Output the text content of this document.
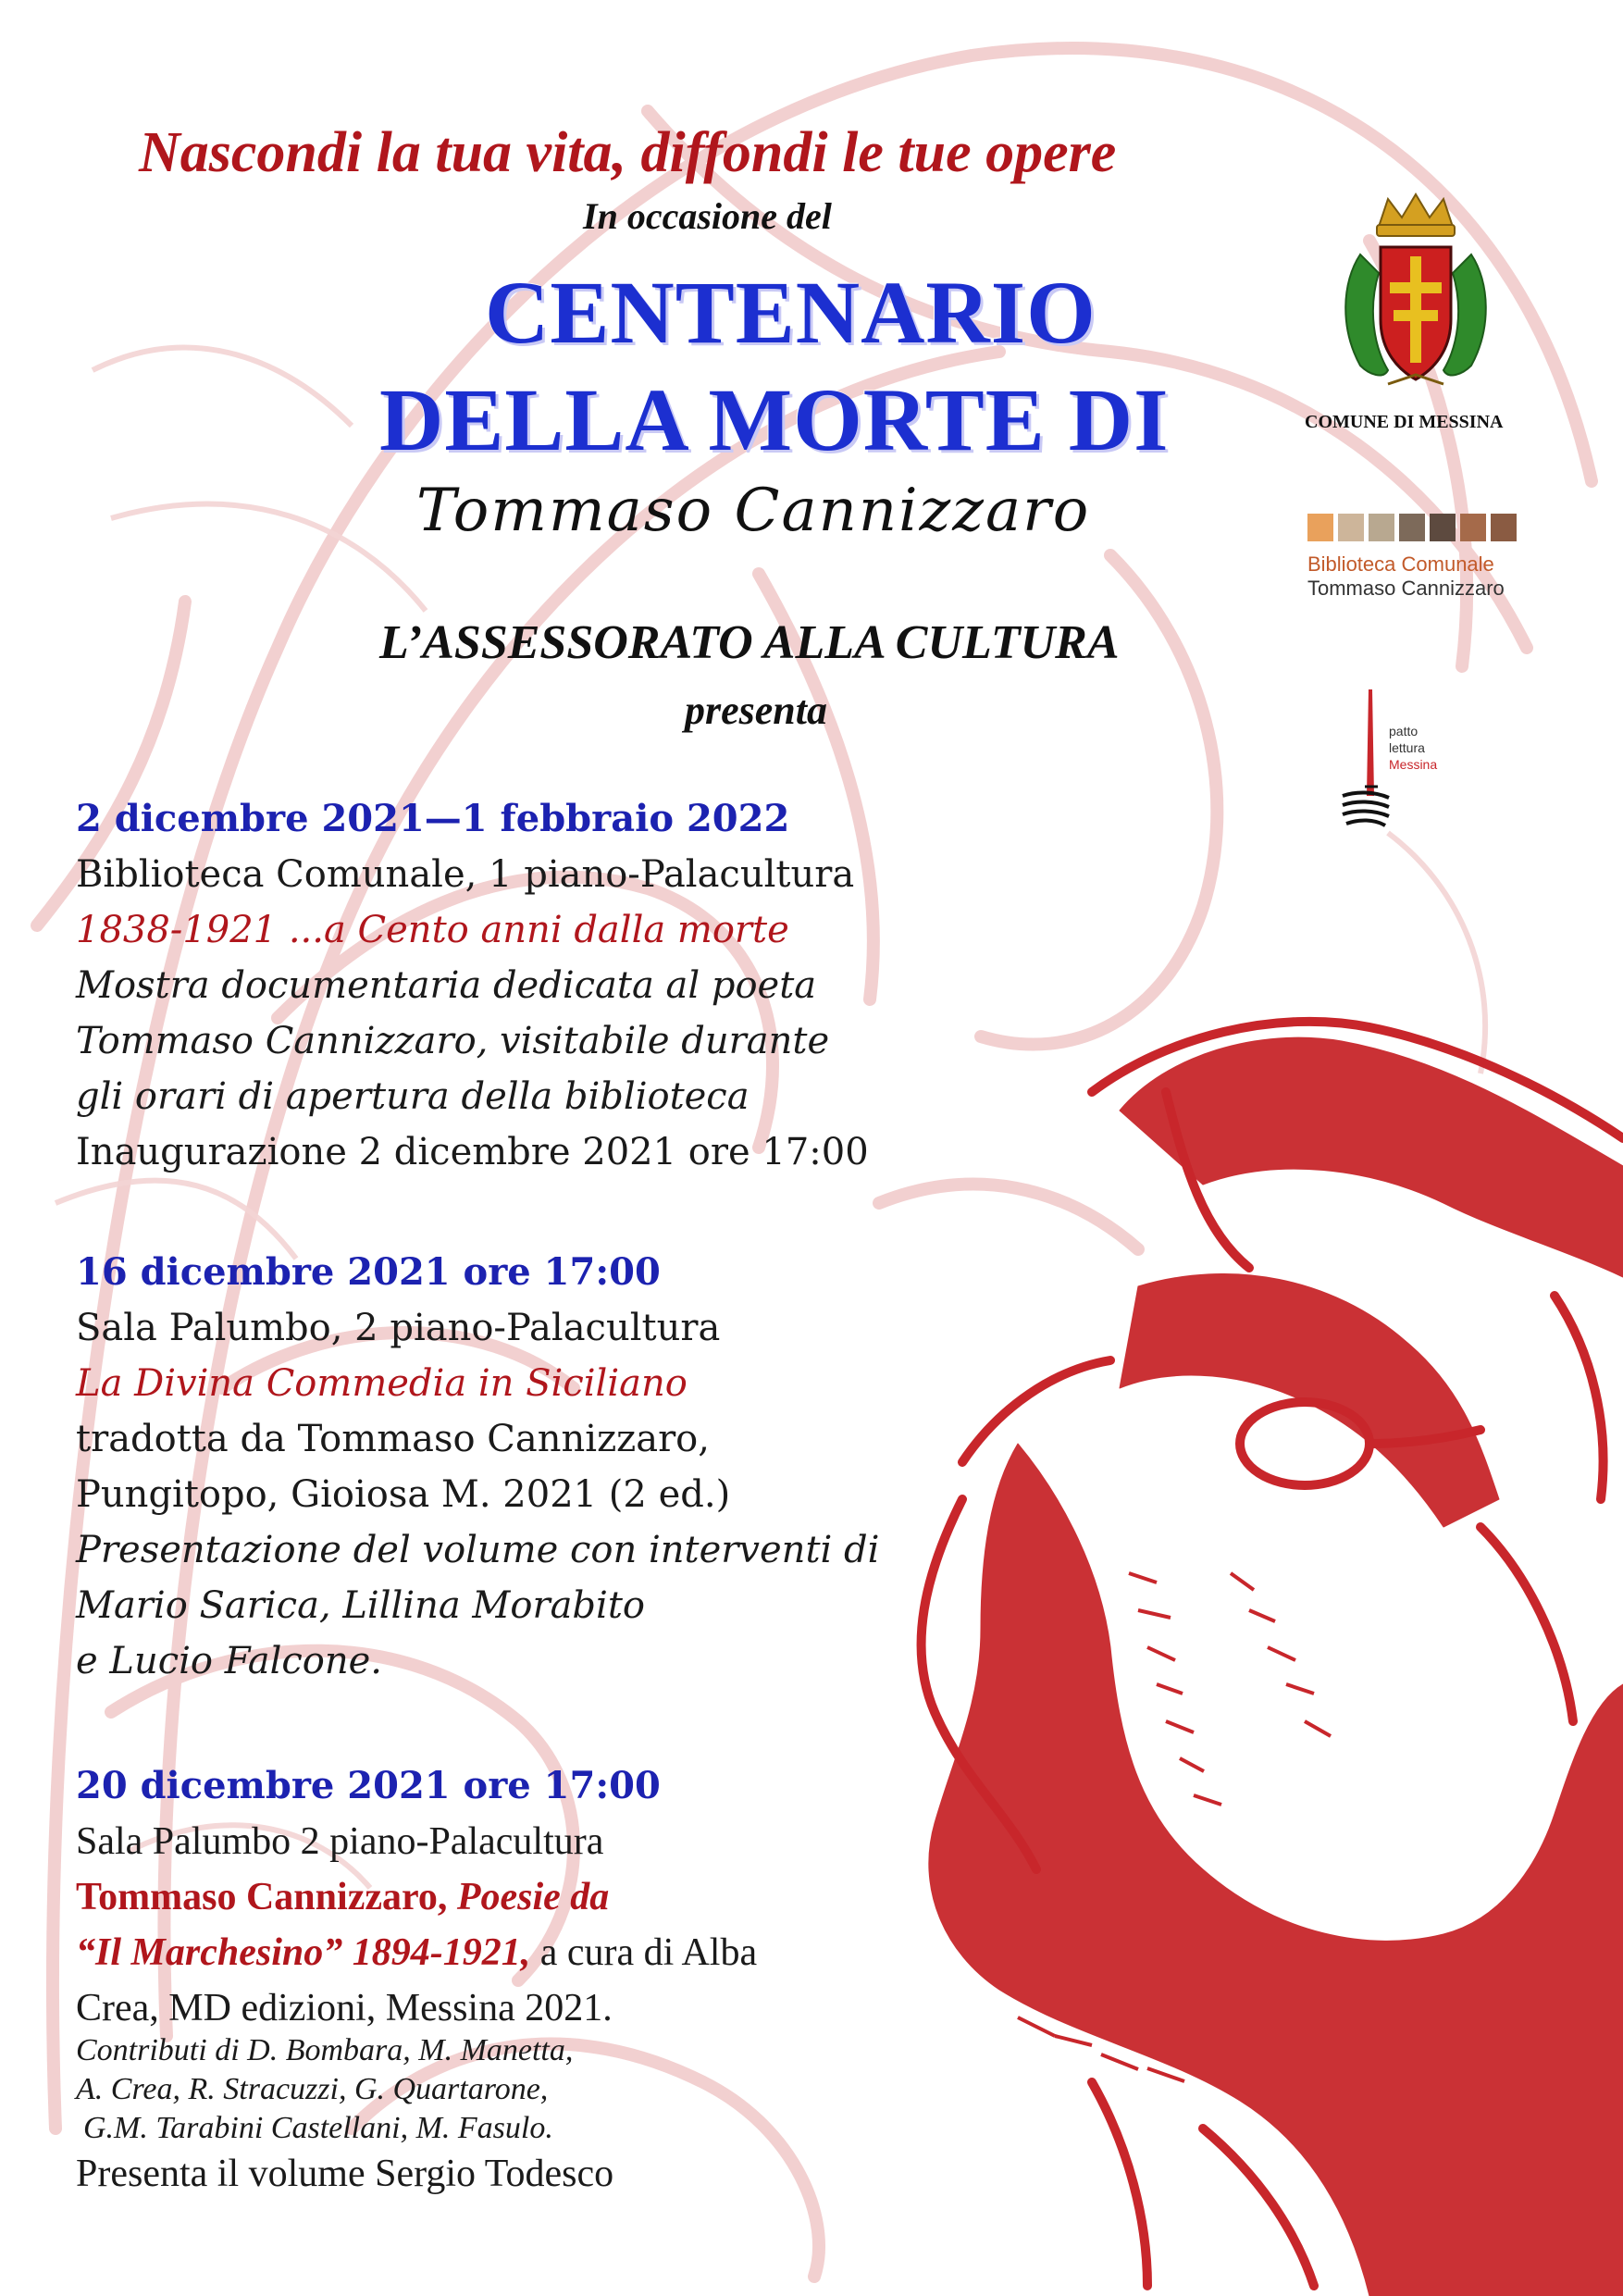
Nascondi la tua vita, diffondi le tue opere
In occasione del
CENTENARIO
DELLA MORTE DI
Tommaso Cannizzaro
L’ASSESSORATO ALLA CULTURA
presenta
COMUNE DI MESSINA
Biblioteca Comunale
Tommaso Cannizzaro
patto
lettura
Messina
2 dicembre 2021—1 febbraio 2022
Biblioteca Comunale, 1 piano-Palacultura
1838-1921 ...a Cento anni dalla morte
Mostra documentaria dedicata al poeta
Tommaso Cannizzaro, visitabile durante
gli orari di apertura della biblioteca
Inaugurazione 2 dicembre 2021 ore 17:00
16 dicembre 2021 ore 17:00
Sala Palumbo, 2 piano-Palacultura
La Divina Commedia in Siciliano
tradotta da Tommaso Cannizzaro,
Pungitopo, Gioiosa M. 2021 (2 ed.)
Presentazione del volume con interventi di
Mario Sarica, Lillina Morabito
e Lucio Falcone.
20 dicembre 2021 ore 17:00
Sala Palumbo 2 piano-Palacultura
Tommaso Cannizzaro, Poesie da
“Il Marchesino” 1894-1921, a cura di Alba
Crea, MD edizioni, Messina 2021.
Contributi di D. Bombara, M. Manetta,
A. Crea, R. Stracuzzi, G. Quartarone,
G.M. Tarabini Castellani, M. Fasulo.
Presenta il volume Sergio Todesco
